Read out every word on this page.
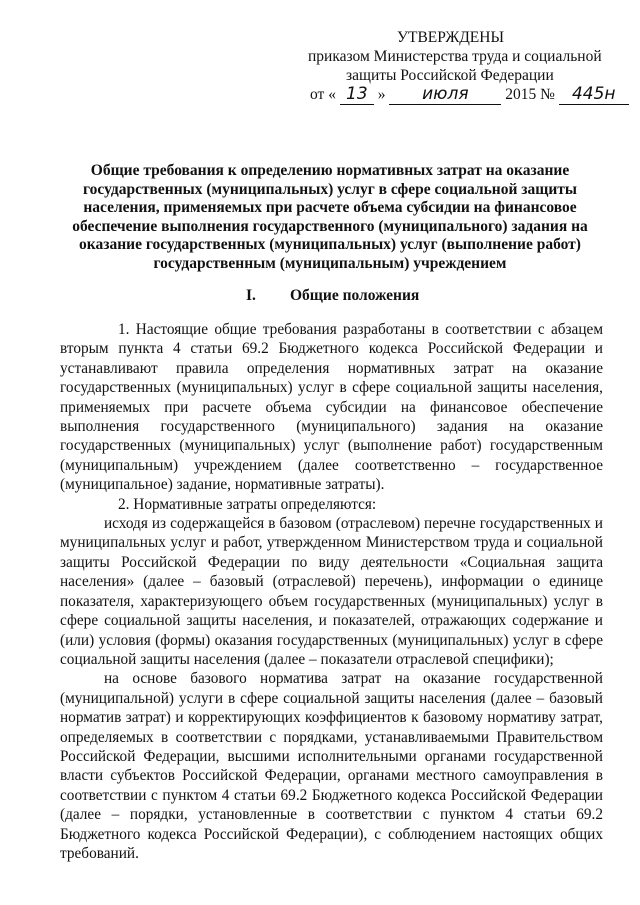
УТВЕРЖДЕНЫ
приказом Министерства труда и социальной
защиты Российской Федерации
от « 13 » июля 2015 № 445н
Общие требования к определению нормативных затрат на оказание государственных (муниципальных) услуг в сфере социальной защиты населения, применяемых при расчете объема субсидии на финансовое обеспечение выполнения государственного (муниципального) задания на оказание государственных (муниципальных) услуг (выполнение работ) государственным (муниципальным) учреждением
I. Общие положения

1. Настоящие общие требования разработаны в соответствии с абзацем вторым пункта 4 статьи 69.2 Бюджетного кодекса Российской Федерации и устанавливают правила определения нормативных затрат на оказание государственных (муниципальных) услуг в сфере социальной защиты населения, применяемых при расчете объема субсидии на финансовое обеспечение выполнения государственного (муниципального) задания на оказание государственных (муниципальных) услуг (выполнение работ) государственным (муниципальным) учреждением (далее соответственно – государственное (муниципальное) задание, нормативные затраты).

2. Нормативные затраты определяются:

исходя из содержащейся в базовом (отраслевом) перечне государственных и муниципальных услуг и работ, утвержденном Министерством труда и социальной защиты Российской Федерации по виду деятельности «Социальная защита населения» (далее – базовый (отраслевой) перечень), информации о единице показателя, характеризующего объем государственных (муниципальных) услуг в сфере социальной защиты населения, и показателей, отражающих содержание и (или) условия (формы) оказания государственных (муниципальных) услуг в сфере социальной защиты населения (далее – показатели отраслевой специфики);

на основе базового норматива затрат на оказание государственной (муниципальной) услуги в сфере социальной защиты населения (далее – базовый норматив затрат) и корректирующих коэффициентов к базовому нормативу затрат, определяемых в соответствии с порядками, устанавливаемыми Правительством Российской Федерации, высшими исполнительными органами государственной власти субъектов Российской Федерации, органами местного самоуправления в соответствии с пунктом 4 статьи 69.2 Бюджетного кодекса Российской Федерации (далее – порядки, установленные в соответствии с пунктом 4 статьи 69.2 Бюджетного кодекса Российской Федерации), с соблюдением настоящих общих требований.
